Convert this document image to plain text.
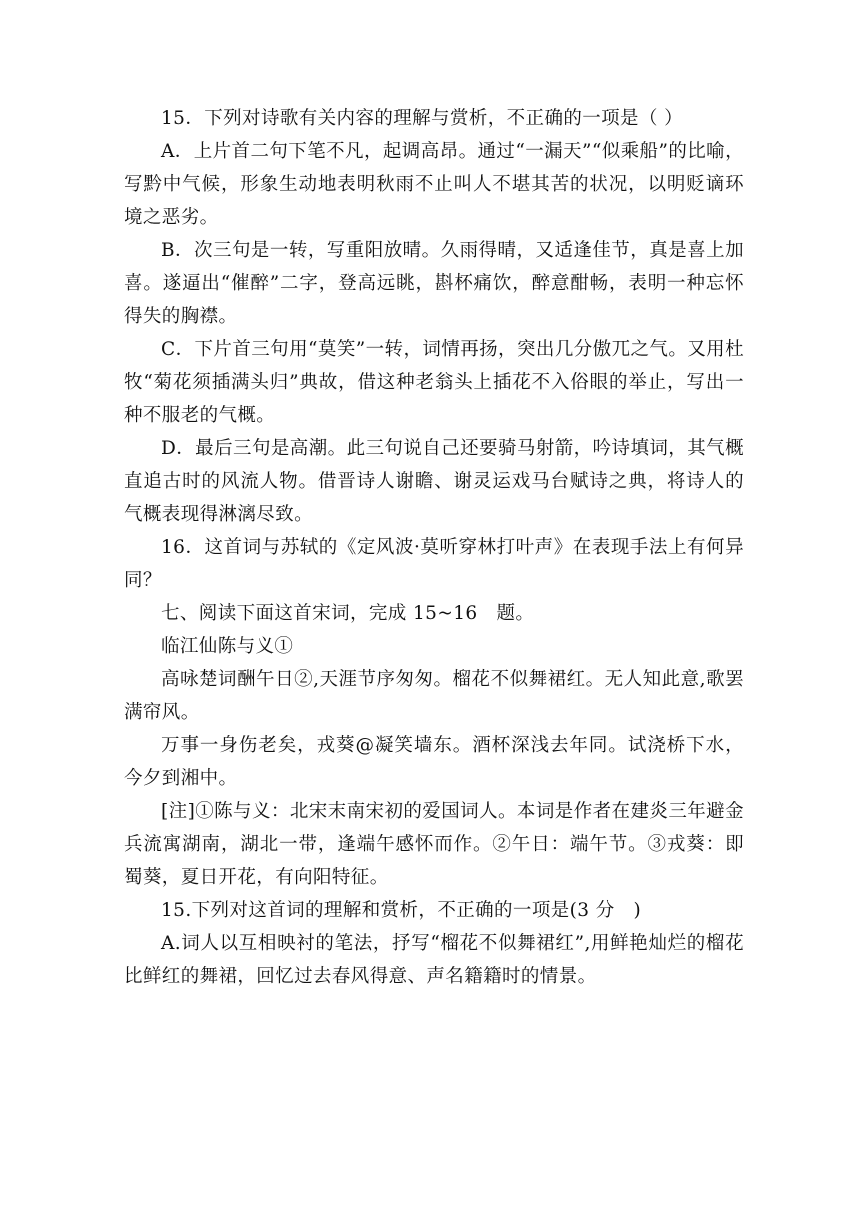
15．下列对诗歌有关内容的理解与赏析，不正确的一项是（ ）

A．上片首二句下笔不凡，起调高昂。通过“一漏天”“似乘船”的比喻，写黔中气候，形象生动地表明秋雨不止叫人不堪其苦的状况，以明贬谪环境之恶劣。

B．次三句是一转，写重阳放晴。久雨得晴，又适逢佳节，真是喜上加喜。遂逼出“催醉”二字，登高远眺，斟杯痛饮，醉意酣畅，表明一种忘怀得失的胸襟。

C．下片首三句用“莫笑”一转，词情再扬，突出几分傲兀之气。又用杜牧“菊花须插满头归”典故，借这种老翁头上插花不入俗眼的举止，写出一种不服老的气概。

D．最后三句是高潮。此三句说自己还要骑马射箭，吟诗填词，其气概直追古时的风流人物。借晋诗人谢瞻、谢灵运戏马台赋诗之典，将诗人的气概表现得淋漓尽致。

16．这首词与苏轼的《定风波·莫听穿林打叶声》在表现手法上有何异同？

七、阅读下面这首宋词，完成 15~16　题。

临江仙陈与义①

高咏楚词酬午日②,天涯节序匆匆。榴花不似舞裙红。无人知此意,歌罢满帘风。

万事一身伤老矣，戎葵@凝笑墙东。酒杯深浅去年同。试浇桥下水，今夕到湘中。

[注]①陈与义：北宋末南宋初的爱国词人。本词是作者在建炎三年避金兵流寓湖南，湖北一带，逢端午感怀而作。②午日：端午节。③戎葵：即蜀葵，夏日开花，有向阳特征。

15.下列对这首词的理解和赏析，不正确的一项是(3 分　)

A.词人以互相映衬的笔法，抒写“榴花不似舞裙红”,用鲜艳灿烂的榴花比鲜红的舞裙，回忆过去春风得意、声名籍籍时的情景。
